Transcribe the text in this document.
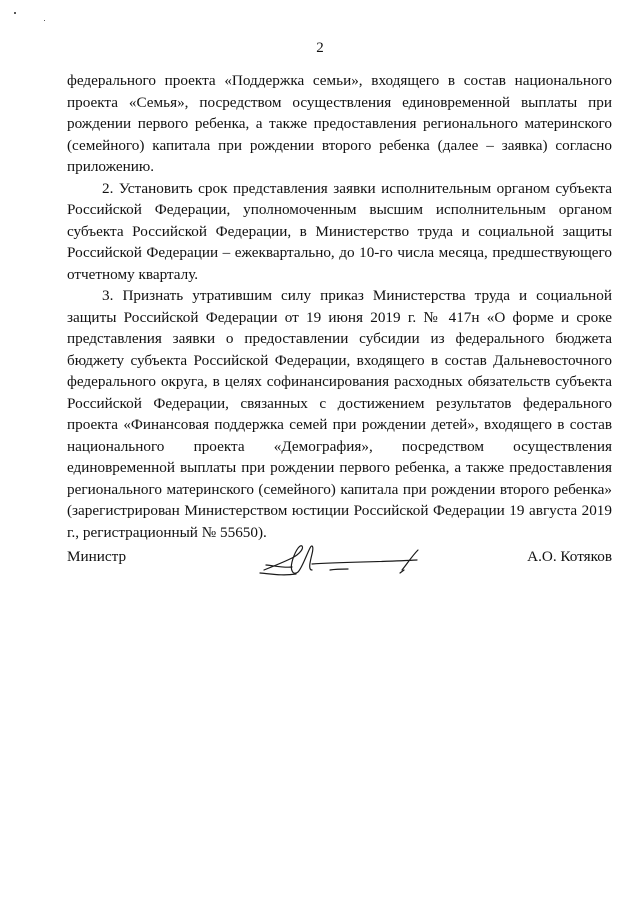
2

федерального проекта «Поддержка семьи», входящего в состав национального проекта «Семья», посредством осуществления единовременной выплаты при рождении первого ребенка, а также предоставления регионального материнского (семейного) капитала при рождении второго ребенка (далее – заявка) согласно приложению.

2. Установить срок представления заявки исполнительным органом субъекта Российской Федерации, уполномоченным высшим исполнительным органом субъекта Российской Федерации, в Министерство труда и социальной защиты Российской Федерации – ежеквартально, до 10-го числа месяца, предшествующего отчетному кварталу.

3. Признать утратившим силу приказ Министерства труда и социальной защиты Российской Федерации от 19 июня 2019 г. № 417н «О форме и сроке представления заявки о предоставлении субсидии из федерального бюджета бюджету субъекта Российской Федерации, входящего в состав Дальневосточного федерального округа, в целях софинансирования расходных обязательств субъекта Российской Федерации, связанных с достижением результатов федерального проекта «Финансовая поддержка семей при рождении детей», входящего в состав национального проекта «Демография», посредством осуществления единовременной выплаты при рождении первого ребенка, а также предоставления регионального материнского (семейного) капитала при рождении второго ребенка» (зарегистрирован Министерством юстиции Российской Федерации 19 августа 2019 г., регистрационный № 55650).

Министр	А.О. Котяков
